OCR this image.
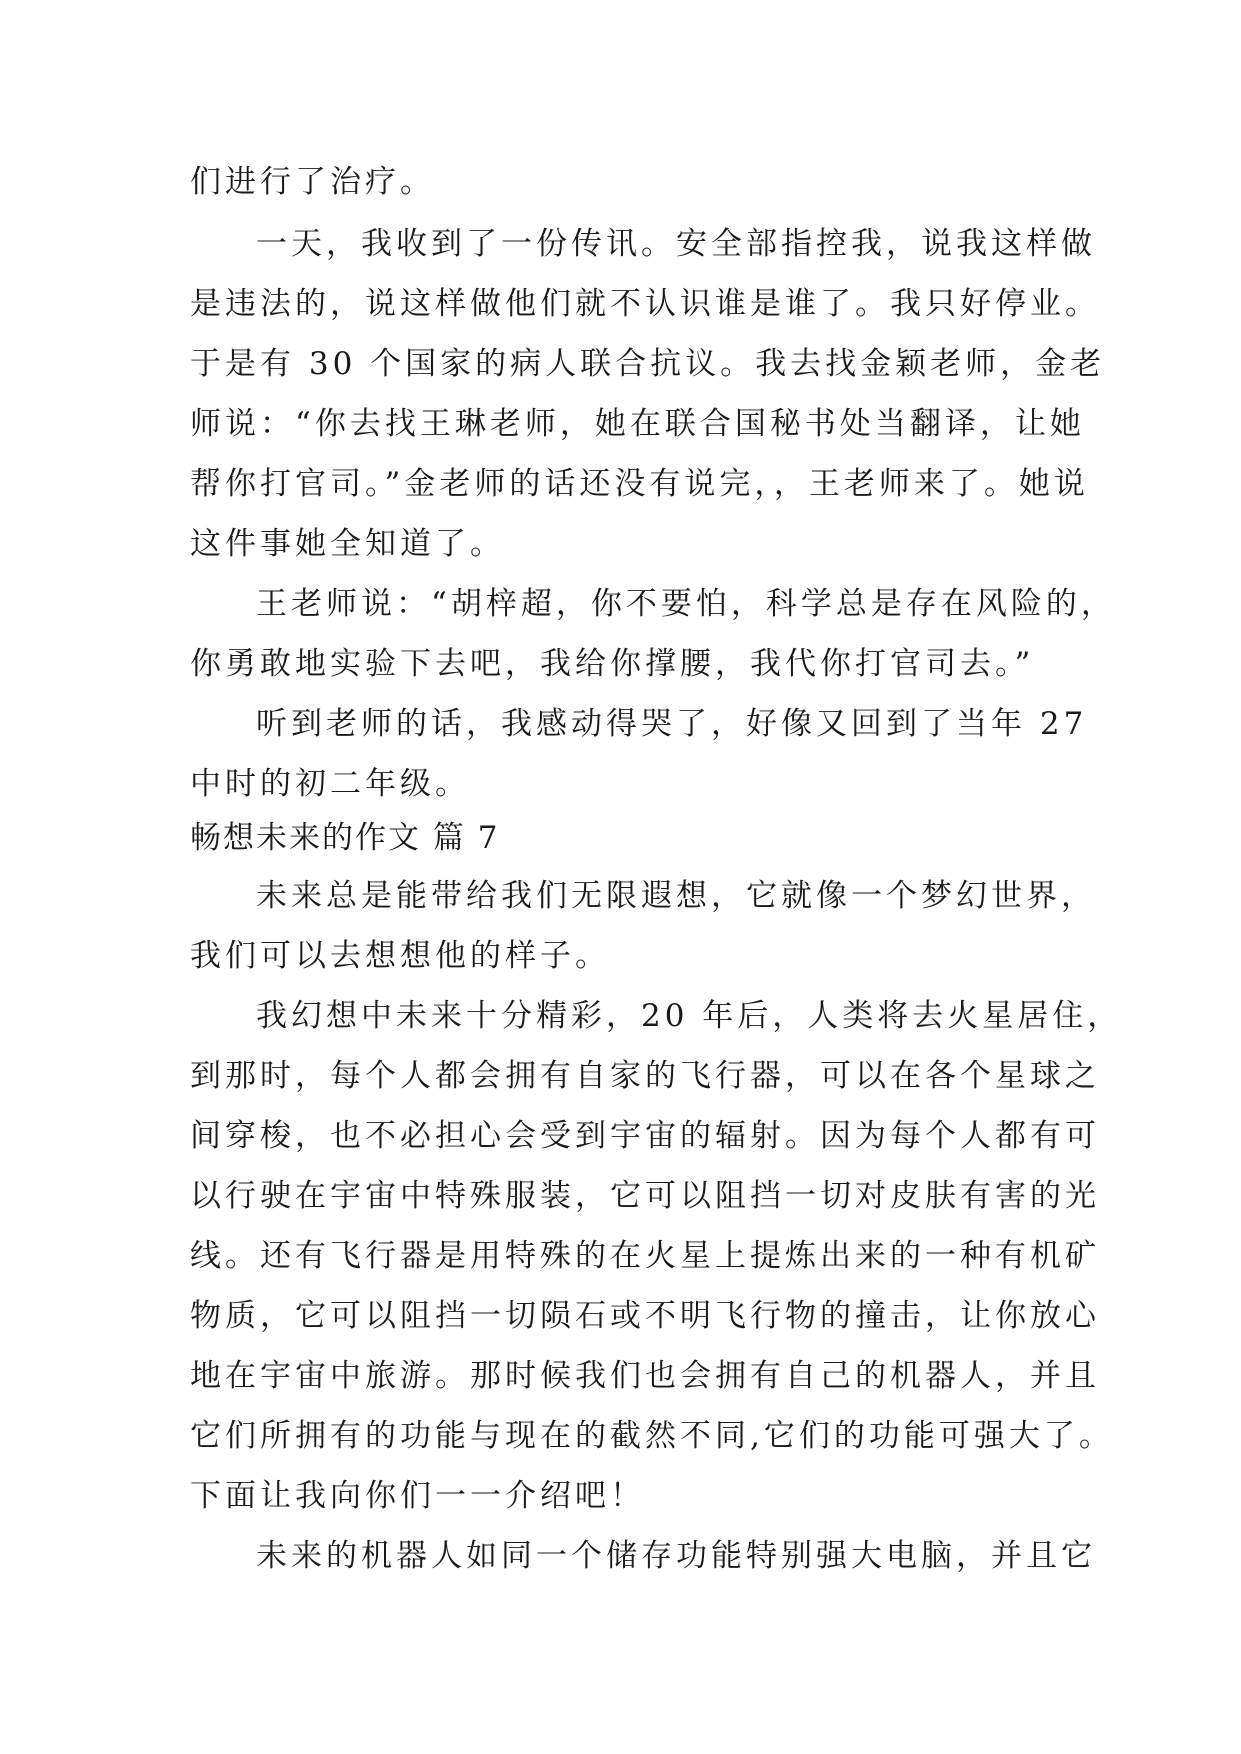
们进行了治疗。

一天，我收到了一份传讯。安全部指控我，说我这样做

是违法的，说这样做他们就不认识谁是谁了。我只好停业。

于是有 30 个国家的病人联合抗议。我去找金颖老师，金老

师说：“你去找王琳老师，她在联合国秘书处当翻译，让她

帮你打官司。”金老师的话还没有说完，，王老师来了。她说

这件事她全知道了。

王老师说：“胡梓超，你不要怕，科学总是存在风险的，

你勇敢地实验下去吧，我给你撑腰，我代你打官司去。”

听到老师的话，我感动得哭了，好像又回到了当年 27

中时的初二年级。

畅想未来的作文 篇 7

未来总是能带给我们无限遐想，它就像一个梦幻世界，

我们可以去想想他的样子。

我幻想中未来十分精彩，20 年后，人类将去火星居住，

到那时，每个人都会拥有自家的飞行器，可以在各个星球之

间穿梭，也不必担心会受到宇宙的辐射。因为每个人都有可

以行驶在宇宙中特殊服装，它可以阻挡一切对皮肤有害的光

线。还有飞行器是用特殊的在火星上提炼出来的一种有机矿

物质，它可以阻挡一切陨石或不明飞行物的撞击，让你放心

地在宇宙中旅游。那时候我们也会拥有自己的机器人，并且

它们所拥有的功能与现在的截然不同,它们的功能可强大了。

下面让我向你们一一介绍吧！

未来的机器人如同一个储存功能特别强大电脑，并且它
